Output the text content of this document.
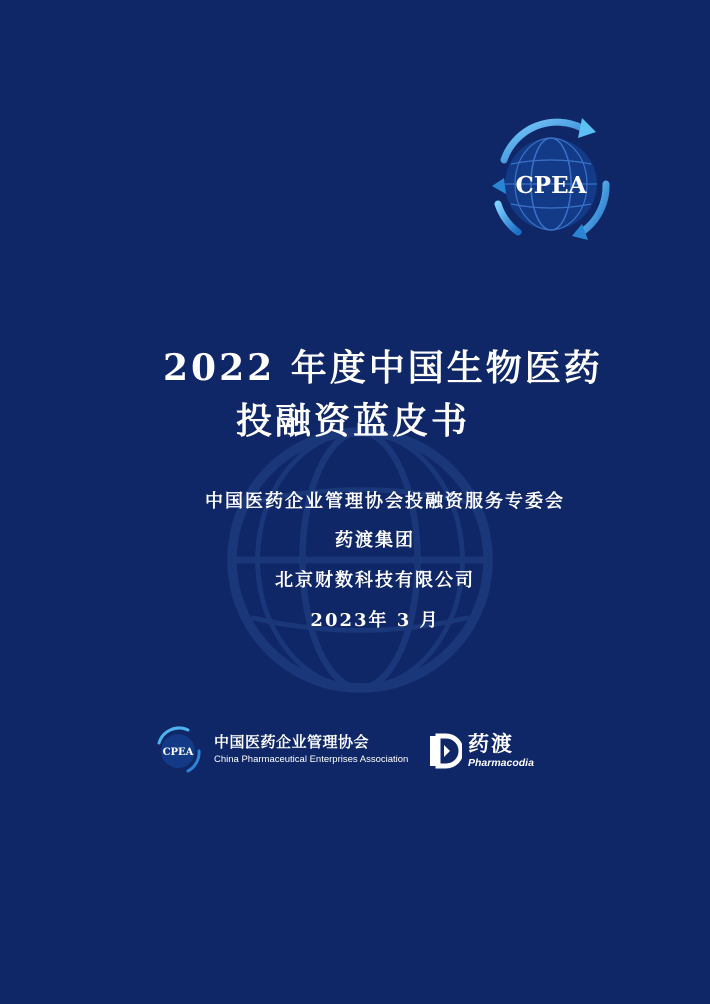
CPEA
2022 年度中国生物医药
投融资蓝皮书
中国医药企业管理协会投融资服务专委会
药渡集团
北京财数科技有限公司
2023年 3 月
CPEA
中国医药企业管理协会
China Pharmaceutical Enterprises Association
药渡
Pharmacodia
